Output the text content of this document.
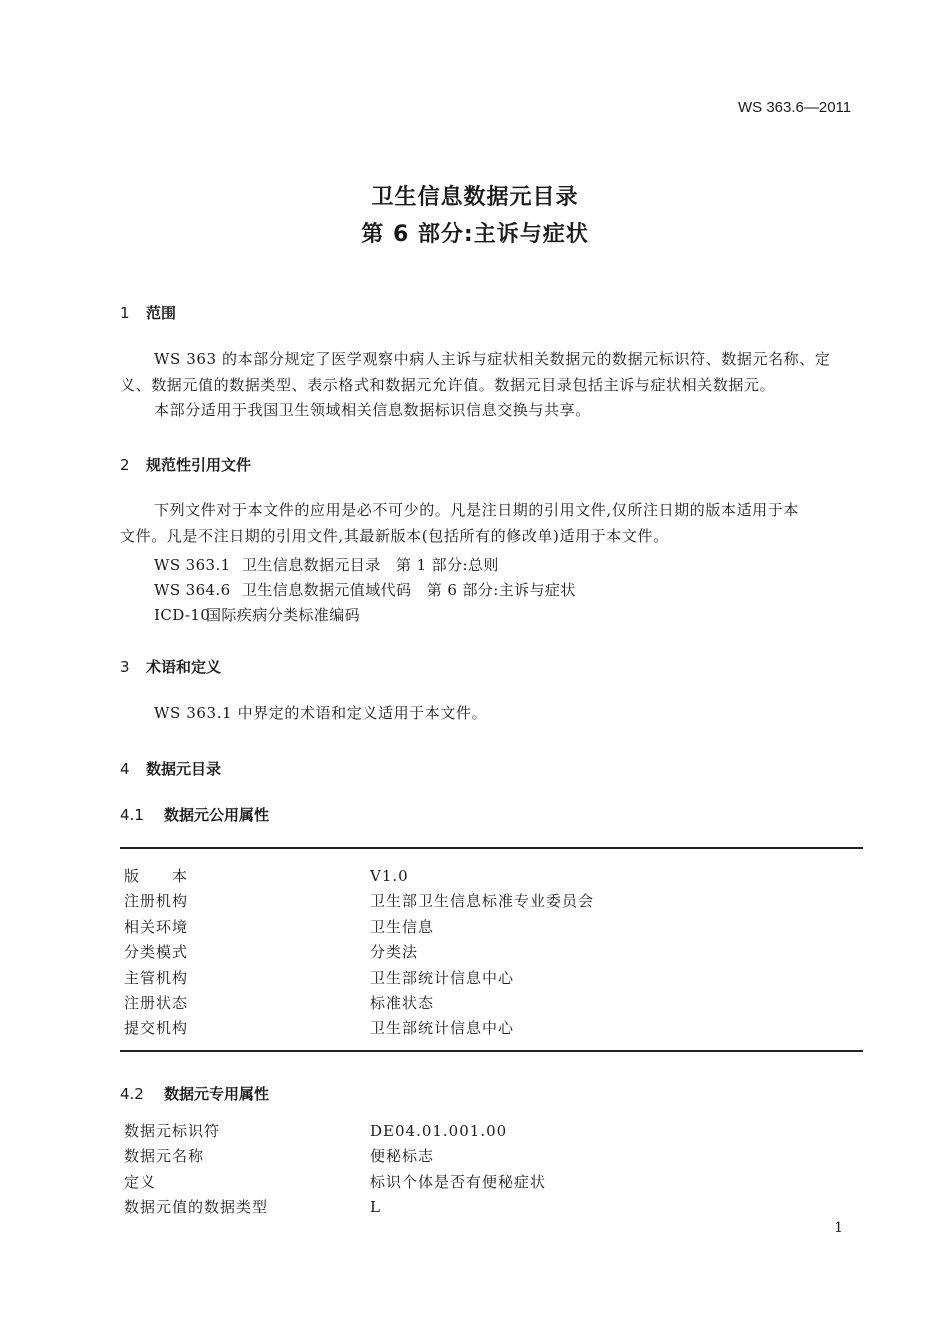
WS 363.6—2011
卫生信息数据元目录
第 6 部分:主诉与症状
1 范围
WS 363 的本部分规定了医学观察中病人主诉与症状相关数据元的数据元标识符、数据元名称、定
义、数据元值的数据类型、表示格式和数据元允许值。数据元目录包括主诉与症状相关数据元。
本部分适用于我国卫生领域相关信息数据标识信息交换与共享。
2 规范性引用文件
下列文件对于本文件的应用是必不可少的。凡是注日期的引用文件,仅所注日期的版本适用于本
文件。凡是不注日期的引用文件,其最新版本(包括所有的修改单)适用于本文件。
WS 363.1 卫生信息数据元目录　第 1 部分:总则
WS 364.6 卫生信息数据元值域代码　第 6 部分:主诉与症状
ICD-10国际疾病分类标准编码
3 术语和定义
WS 363.1 中界定的术语和定义适用于本文件。
4 数据元目录
4.1 数据元公用属性
版　　本	V1.0
注册机构	卫生部卫生信息标准专业委员会
相关环境	卫生信息
分类模式	分类法
主管机构	卫生部统计信息中心
注册状态	标准状态
提交机构	卫生部统计信息中心
4.2 数据元专用属性
数据元标识符	DE04.01.001.00
数据元名称	便秘标志
定义	标识个体是否有便秘症状
数据元值的数据类型	L
1
